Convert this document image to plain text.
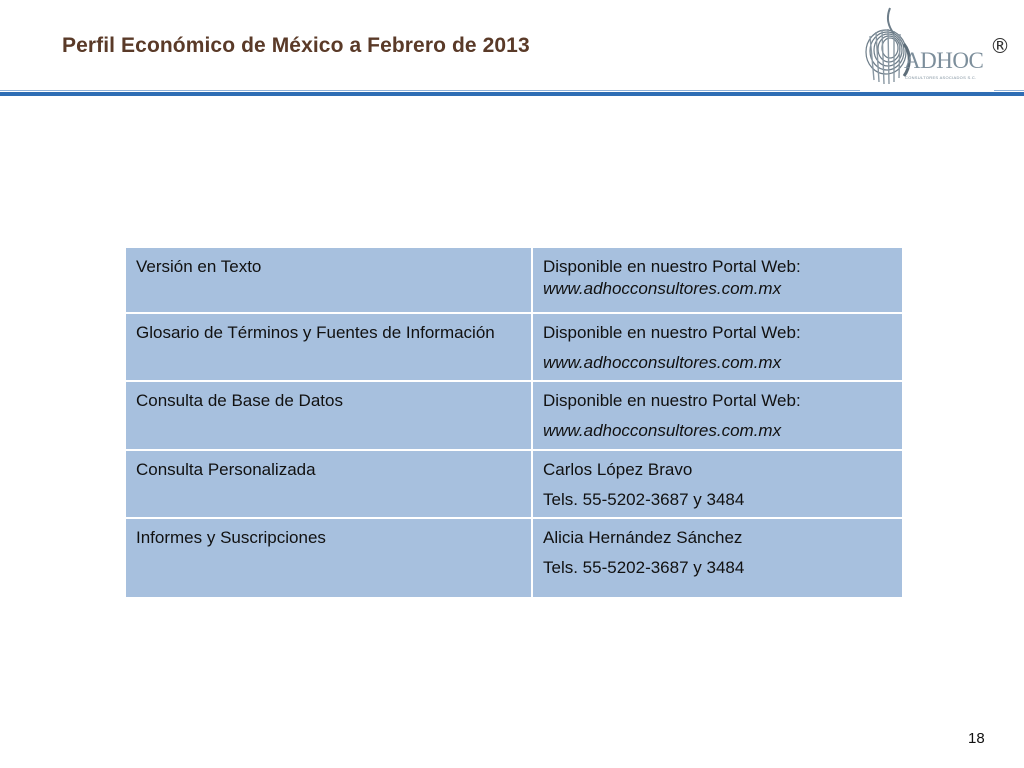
Perfil Económico de México a Febrero de 2013
ADHOC
CONSULTORES ASOCIADOS S.C.
®
Versión en Texto	Disponible en nuestro Portal Web:
www.adhocconsultores.com.mx

Glosario de Términos y Fuentes de Información	Disponible en nuestro Portal Web:
www.adhocconsultores.com.mx

Consulta de Base de Datos	Disponible en nuestro Portal Web:
www.adhocconsultores.com.mx

Consulta Personalizada	Carlos López Bravo
Tels. 55-5202-3687 y 3484

Informes y Suscripciones	Alicia Hernández Sánchez
Tels. 55-5202-3687 y 3484
18
